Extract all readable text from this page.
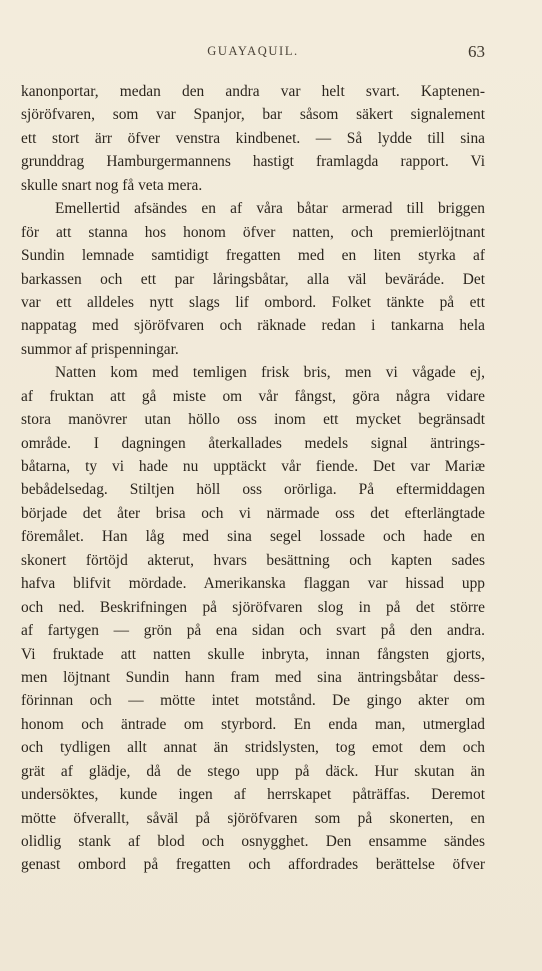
GUAYAQUIL.	63
kanonportar, medan den andra var helt svart. Kaptenen-
sjöröfvaren, som var Spanjor, bar såsom säkert signalement
ett stort ärr öfver venstra kindbenet. — Så lydde till sina
grunddrag Hamburgermannens hastigt framlagda rapport. Vi
skulle snart nog få veta mera.
Emellertid afsändes en af våra båtar armerad till briggen
för att stanna hos honom öfver natten, och premierlöjtnant
Sundin lemnade samtidigt fregatten med en liten styrka af
barkassen och ett par låringsbåtar, alla väl beväráde. Det
var ett alldeles nytt slags lif ombord. Folket tänkte på ett
nappatag med sjöröfvaren och räknade redan i tankarna hela
summor af prispenningar.
Natten kom med temligen frisk bris, men vi vågade ej,
af fruktan att gå miste om vår fångst, göra några vidare
stora manövrer utan höllo oss inom ett mycket begränsadt
område. I dagningen återkallades medels signal äntrings-
båtarna, ty vi hade nu upptäckt vår fiende. Det var Mariæ
bebådelsedag. Stiltjen höll oss orörliga. På eftermiddagen
började det åter brisa och vi närmade oss det efterlängtade
föremålet. Han låg med sina segel lossade och hade en
skonert förtöjd akterut, hvars besättning och kapten sades
hafva blifvit mördade. Amerikanska flaggan var hissad upp
och ned. Beskrifningen på sjöröfvaren slog in på det större
af fartygen — grön på ena sidan och svart på den andra.
Vi fruktade att natten skulle inbryta, innan fångsten gjorts,
men löjtnant Sundin hann fram med sina äntringsbåtar dess-
förinnan och — mötte intet motstånd. De gingo akter om
honom och äntrade om styrbord. En enda man, utmerglad
och tydligen allt annat än stridslysten, tog emot dem och
grät af glädje, då de stego upp på däck. Hur skutan än
undersöktes, kunde ingen af herrskapet påträffas. Deremot
mötte öfverallt, såväl på sjöröfvaren som på skonerten, en
olidlig stank af blod och osnygghet. Den ensamme sändes
genast ombord på fregatten och affordrades berättelse öfver
